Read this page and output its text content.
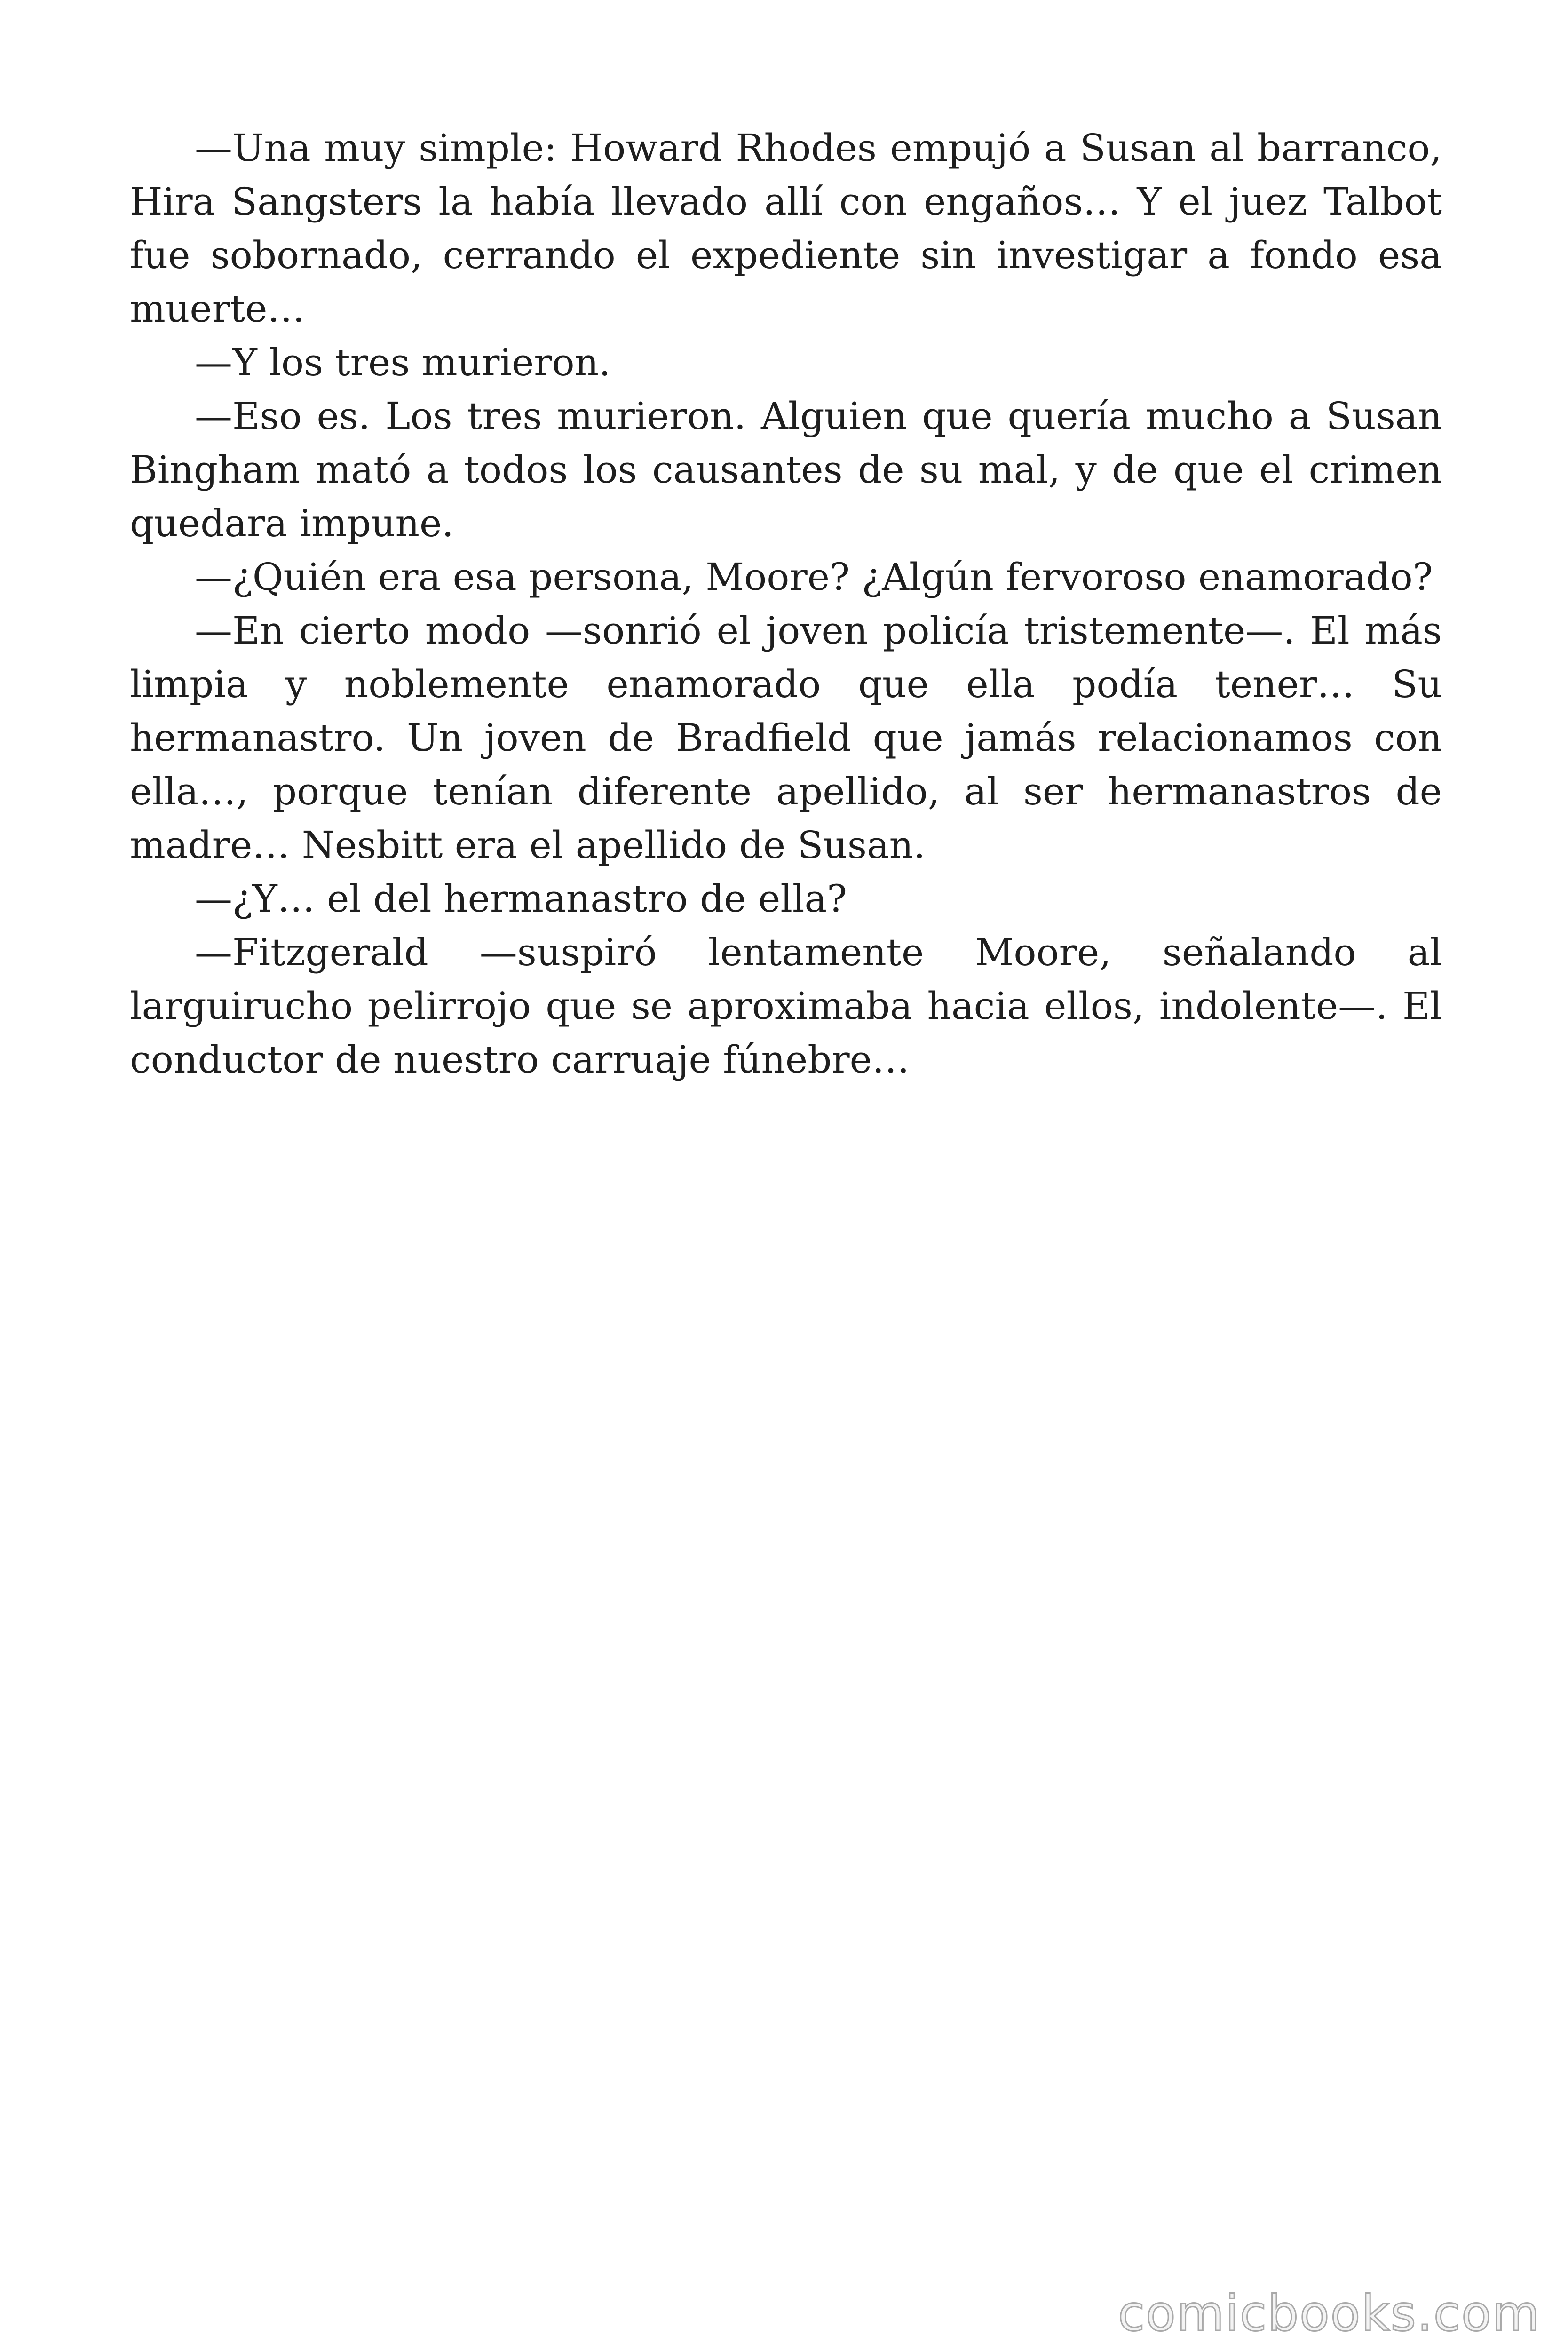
—Una muy simple: Howard Rhodes empujó a Susan al barranco, Hira Sangsters la había llevado allí con engaños… Y el juez Talbot fue sobornado, cerrando el expediente sin investigar a fondo esa muerte…

—Y los tres murieron.

—Eso es. Los tres murieron. Alguien que quería mucho a Susan Bingham mató a todos los causantes de su mal, y de que el crimen quedara impune.

—¿Quién era esa persona, Moore? ¿Algún fervoroso enamorado?

—En cierto modo —sonrió el joven policía tristemente—. El más limpia y noblemente enamorado que ella podía tener… Su hermanastro. Un joven de Bradfield que jamás relacionamos con ella…, porque tenían diferente apellido, al ser hermanastros de madre… Nesbitt era el apellido de Susan.

—¿Y… el del hermanastro de ella?

—Fitzgerald —suspiró lentamente Moore, señalando al larguirucho pelirrojo que se aproximaba hacia ellos, indolente—. El conductor de nuestro carruaje fúnebre…

comicbooks.com
